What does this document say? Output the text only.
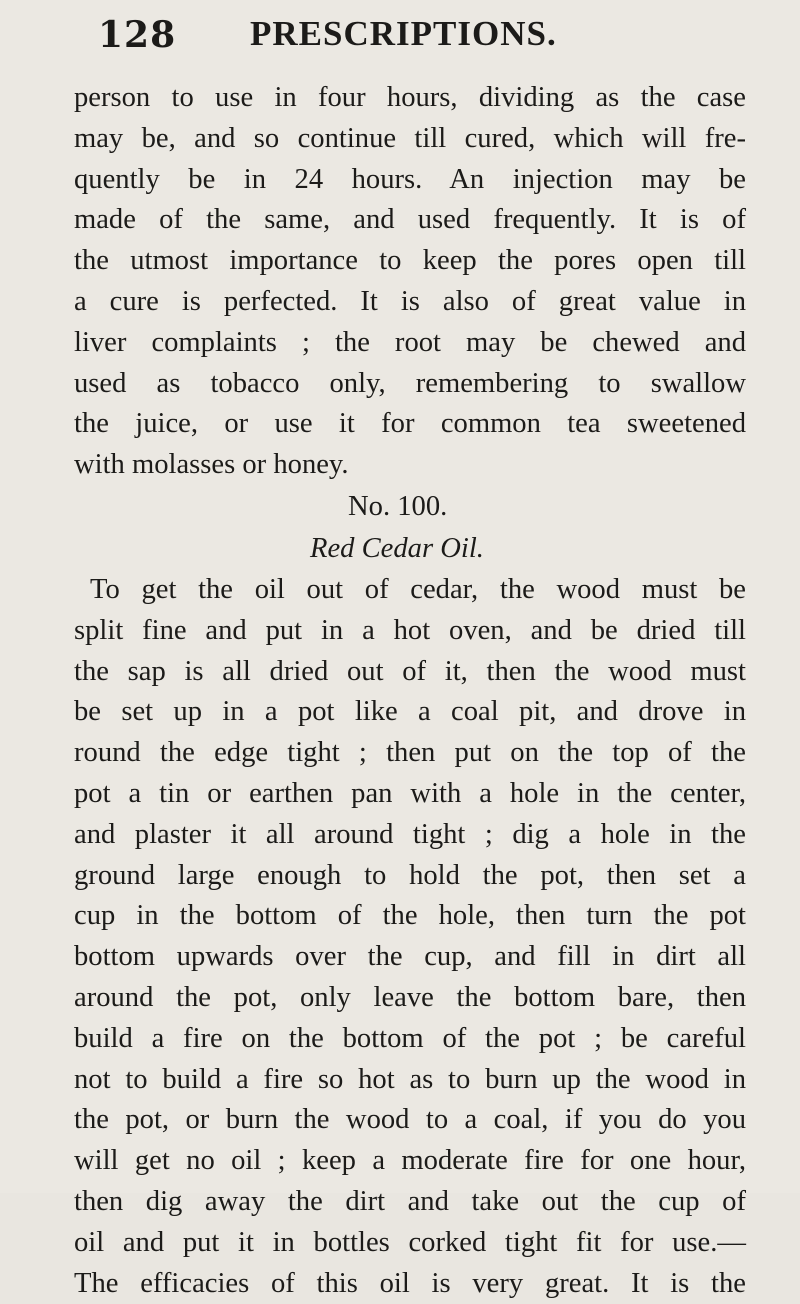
128 PRESCRIPTIONS.
person to use in four hours, dividing as the case
may be, and so continue till cured, which will fre-
quently be in 24 hours. An injection may be
made of the same, and used frequently. It is of
the utmost importance to keep the pores open till
a cure is perfected. It is also of great value in
liver complaints ; the root may be chewed and
used as tobacco only, remembering to swallow
the juice, or use it for common tea sweetened
with molasses or honey.
No. 100.
Red Cedar Oil.
To get the oil out of cedar, the wood must be
split fine and put in a hot oven, and be dried till
the sap is all dried out of it, then the wood must
be set up in a pot like a coal pit, and drove in
round the edge tight ; then put on the top of the
pot a tin or earthen pan with a hole in the center,
and plaster it all around tight ; dig a hole in the
ground large enough to hold the pot, then set a
cup in the bottom of the hole, then turn the pot
bottom upwards over the cup, and fill in dirt all
around the pot, only leave the bottom bare, then
build a fire on the bottom of the pot ; be careful
not to build a fire so hot as to burn up the wood in
the pot, or burn the wood to a coal, if you do you
will get no oil ; keep a moderate fire for one hour,
then dig away the dirt and take out the cup of
oil and put it in bottles corked tight fit for use.—
The efficacies of this oil is very great. It is the
